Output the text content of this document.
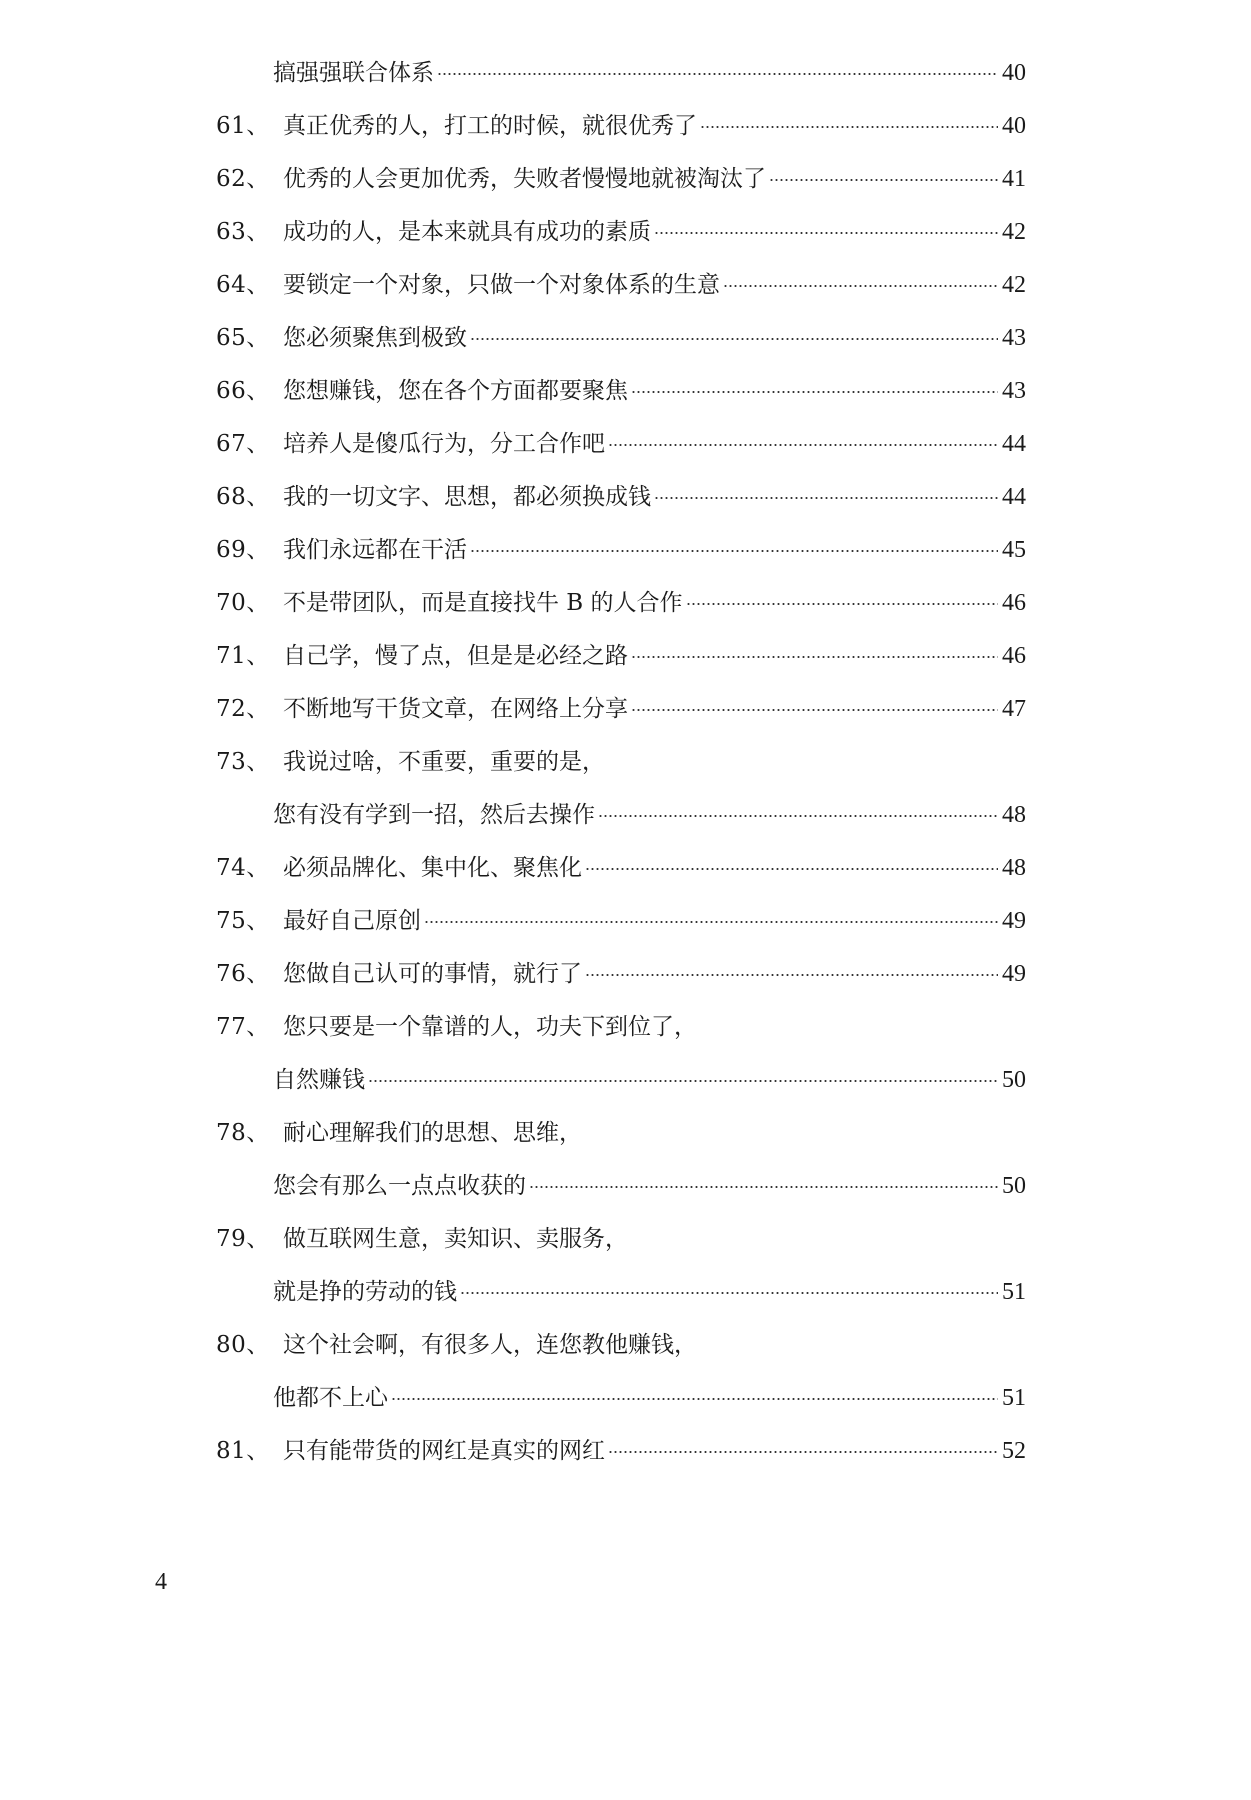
搞强强联合体系	40
61、 真正优秀的人，打工的时候，就很优秀了	40
62、 优秀的人会更加优秀，失败者慢慢地就被淘汰了	41
63、 成功的人，是本来就具有成功的素质	42
64、 要锁定一个对象，只做一个对象体系的生意	42
65、 您必须聚焦到极致	43
66、 您想赚钱，您在各个方面都要聚焦	43
67、 培养人是傻瓜行为，分工合作吧	44
68、 我的一切文字、思想，都必须换成钱	44
69、 我们永远都在干活	45
70、 不是带团队，而是直接找牛 B 的人合作	46
71、 自己学，慢了点，但是是必经之路	46
72、 不断地写干货文章，在网络上分享	47
73、 我说过啥，不重要，重要的是，
您有没有学到一招，然后去操作	48
74、 必须品牌化、集中化、聚焦化	48
75、 最好自己原创	49
76、 您做自己认可的事情，就行了	49
77、 您只要是一个靠谱的人，功夫下到位了，
自然赚钱	50
78、 耐心理解我们的思想、思维，
您会有那么一点点收获的	50
79、 做互联网生意，卖知识、卖服务，
就是挣的劳动的钱	51
80、 这个社会啊，有很多人，连您教他赚钱，
他都不上心	51
81、 只有能带货的网红是真实的网红	52
4
